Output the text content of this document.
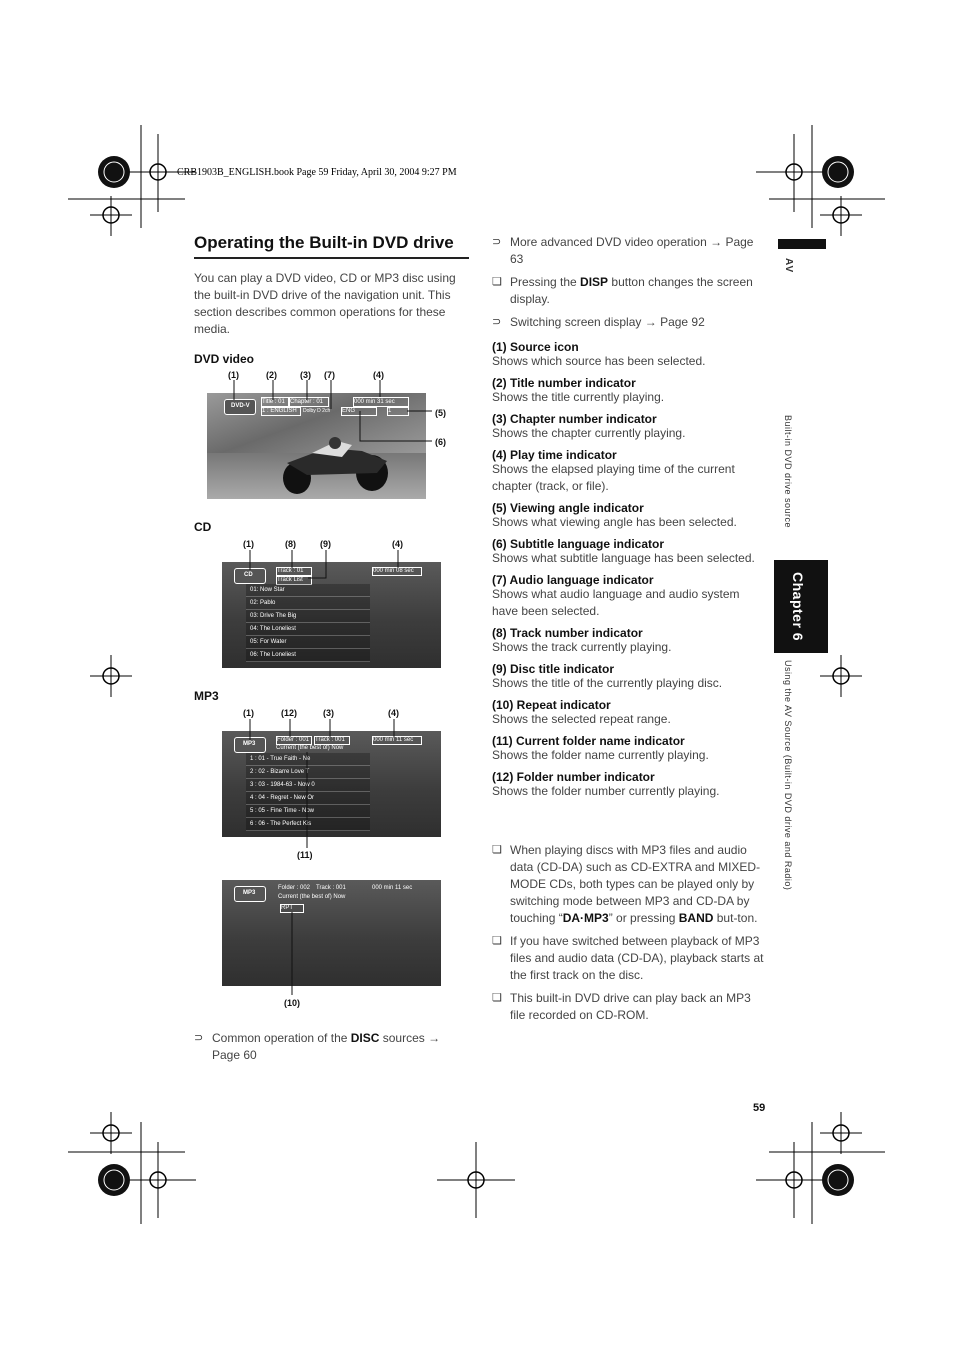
CRB1903B_ENGLISH.book Page 59 Friday, April 30, 2004 9:27 PM
Operating the Built-in DVD drive
You can play a DVD video, CD or MP3 disc using the built-in DVD drive of the navigation unit. This section describes common operations for these media.
DVD video
(1)	(2)	(3) (7)	(4)
(5)
(6)
DVD-V
Title : 01 Chapter : 01	000 min 31 sec
1 : ENGLISH	Dolby D 2ch ENG	1
CD
(1)	(8)	(9)	(4)
CD
Track : 01
Track List
000 min 08 sec
01: Now Star
02: Pablo
03: Drive The Big
04: The Loneliest
05: For Water
06: The Loneliest
MP3
(1)	(12)	(3)	(4)
MP3
Folder : 001 Track : 001	000 min 11 sec
Current (the best of) Now
1 : 01 - True Faith - Ne
2 : 02 - Bizarre Love T
3 : 03 - 1984-63 - Now 0
4 : 04 - Regret - New Or
5 : 05 - Fine Time - Now
6 : 06 - The Perfect Kis
(11)
MP3
Folder : 002 Track : 001	000 min 11 sec
Current (the best of) Now
RPT
(10)
⊃ Common operation of the DISC sources → Page 60
⊃ More advanced DVD video operation → Page 63
❏ Pressing the DISP button changes the screen display.
⊃ Switching screen display → Page 92
(1) Source icon
Shows which source has been selected.
(2) Title number indicator
Shows the title currently playing.
(3) Chapter number indicator
Shows the chapter currently playing.
(4) Play time indicator
Shows the elapsed playing time of the current chapter (track, or file).
(5) Viewing angle indicator
Shows what viewing angle has been selected.
(6) Subtitle language indicator
Shows what subtitle language has been selected.
(7) Audio language indicator
Shows what audio language and audio system have been selected.
(8) Track number indicator
Shows the track currently playing.
(9) Disc title indicator
Shows the title of the currently playing disc.
(10) Repeat indicator
Shows the selected repeat range.
(11) Current folder name indicator
Shows the folder name currently playing.
(12) Folder number indicator
Shows the folder number currently playing.
❏ When playing discs with MP3 files and audio data (CD-DA) such as CD-EXTRA and MIXED-MODE CDs, both types can be played only by switching mode between MP3 and CD-DA by touching “DA·MP3” or pressing BAND but-ton.
❏ If you have switched between playback of MP3 files and audio data (CD-DA), playback starts at the first track on the disc.
❏ This built-in DVD drive can play back an MP3 file recorded on CD-ROM.
AV
Built-in DVD drive source
Chapter 6
Using the AV Source (Built-in DVD drive and Radio)
59
